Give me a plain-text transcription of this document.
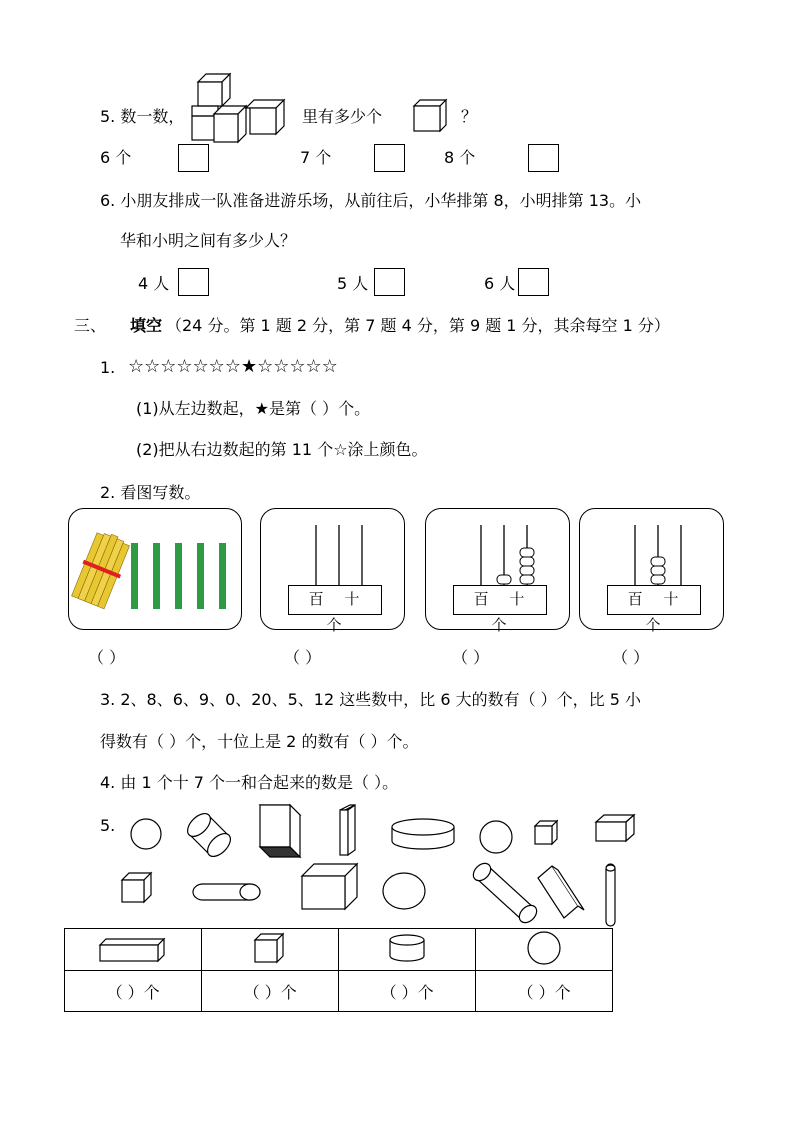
5. 数一数，	里有多少个	？
6 个	7 个	8 个
6. 小朋友排成一队准备进游乐场，从前往后，小华排第 8，小明排第 13。小
华和小明之间有多少人？
4 人	5 人	6 人
三、 填空 （24 分。第 1 题 2 分，第 7 题 4 分，第 9 题 1 分，其余每空 1 分）
1. ☆☆☆☆☆☆☆★☆☆☆☆☆
(1)从左边数起，★是第（ ）个。
(2)把从右边数起的第 11 个☆涂上颜色。
2. 看图写数。
百 十 个
百 十 个
百 十 个
（ ）	（ ）	（ ）	（ ）
3. 2、8、6、9、0、20、5、12 这些数中，比 6 大的数有（ ）个，比 5 小
得数有（ ）个，十位上是 2 的数有（ ）个。
4. 由 1 个十 7 个一和合起来的数是（ ）。
5.

（ ）个	（ ）个	（ ）个	（ ）个
